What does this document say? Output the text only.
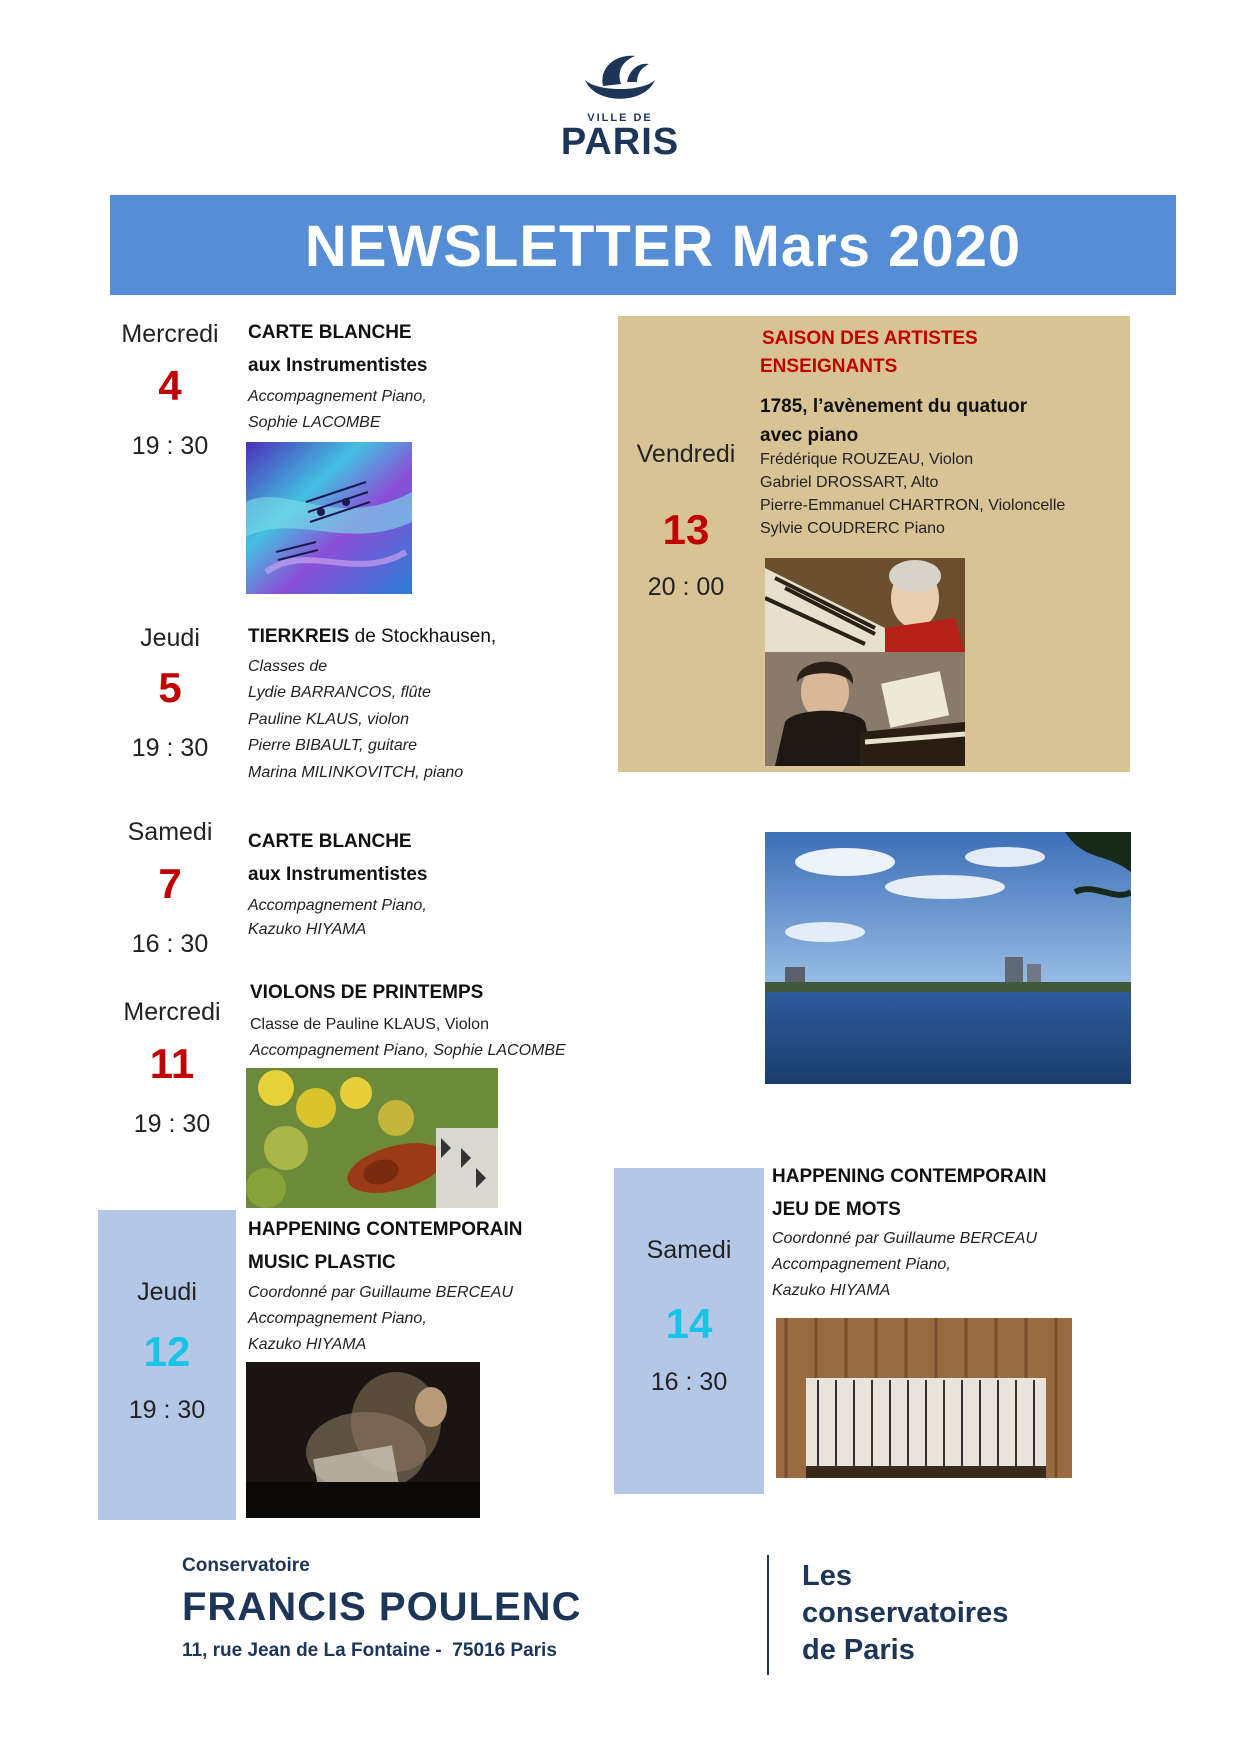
VILLE DE
PARIS
NEWSLETTER Mars 2020
Mercredi
4
19 : 30
CARTE BLANCHE
aux Instrumentistes
Accompagnement Piano,
Sophie LACOMBE
Jeudi
5
19 : 30
TIERKREIS de Stockhausen,
Classes de
Lydie BARRANCOS, flûte
Pauline KLAUS, violon
Pierre BIBAULT, guitare
Marina MILINKOVITCH, piano
Samedi
7
16 : 30
CARTE BLANCHE
aux Instrumentistes
Accompagnement Piano,
Kazuko HIYAMA
Mercredi
11
19 : 30
VIOLONS DE PRINTEMPS
Classe de Pauline KLAUS, Violon
Accompagnement Piano, Sophie LACOMBE
Jeudi
12
19 : 30
HAPPENING CONTEMPORAIN
MUSIC PLASTIC
Coordonné par Guillaume BERCEAU
Accompagnement Piano,
Kazuko HIYAMA
SAISON DES ARTISTES
ENSEIGNANTS
1785, l’avènement du quatuor
avec piano
Vendredi
13
20 : 00
Frédérique ROUZEAU, Violon
Gabriel DROSSART, Alto
Pierre-Emmanuel CHARTRON, Violoncelle
Sylvie COUDRERC Piano
Samedi
14
16 : 30
HAPPENING CONTEMPORAIN
JEU DE MOTS
Coordonné par Guillaume BERCEAU
Accompagnement Piano,
Kazuko HIYAMA
Conservatoire
FRANCIS POULENC
11, rue Jean de La Fontaine -  75016 Paris
Les
conservatoires
de Paris
